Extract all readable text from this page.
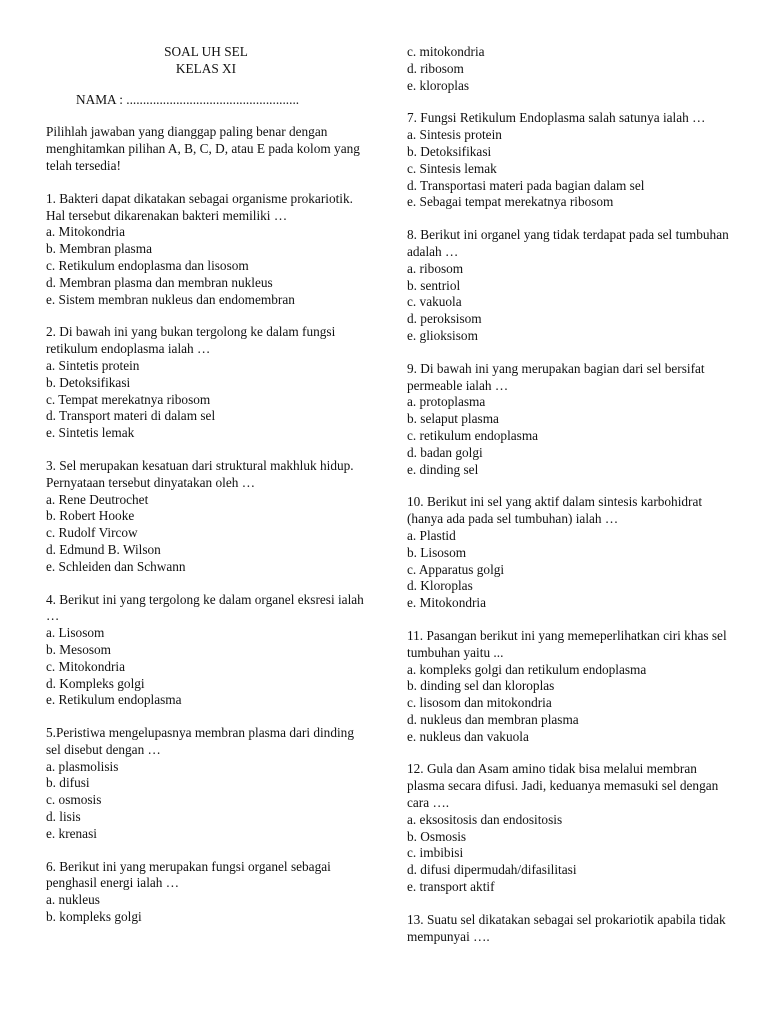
SOAL UH SEL
KELAS XI
NAMA : ....................................................

Pilihlah jawaban yang dianggap paling benar dengan menghitamkan pilihan A, B, C, D, atau E pada kolom yang telah tersedia!

1. Bakteri dapat dikatakan sebagai organisme prokariotik. Hal tersebut dikarenakan bakteri memiliki …

a. Mitokondria

b. Membran plasma

c. Retikulum endoplasma dan lisosom

d. Membran plasma dan membran nukleus

e. Sistem membran nukleus dan endomembran

2. Di bawah ini yang bukan tergolong ke dalam fungsi retikulum endoplasma ialah …

a. Sintetis protein

b. Detoksifikasi

c. Tempat merekatnya ribosom

d. Transport materi di dalam sel

e. Sintetis lemak

3. Sel merupakan kesatuan dari struktural makhluk hidup. Pernyataan tersebut dinyatakan oleh …

a. Rene Deutrochet

b. Robert Hooke

c. Rudolf Vircow

d. Edmund B. Wilson

e. Schleiden dan Schwann

4. Berikut ini yang tergolong ke dalam organel eksresi ialah …

a. Lisosom

b. Mesosom

c. Mitokondria

d. Kompleks golgi

e. Retikulum endoplasma

5.Peristiwa mengelupasnya membran plasma dari dinding sel disebut dengan …

a. plasmolisis

b. difusi

c. osmosis

d. lisis

e. krenasi

6. Berikut ini yang merupakan fungsi organel sebagai penghasil energi ialah …

a. nukleus

b. kompleks golgi

c. mitokondria

d. ribosom

e. kloroplas

7. Fungsi Retikulum Endoplasma salah satunya ialah …

a. Sintesis protein

b. Detoksifikasi

c. Sintesis lemak

d. Transportasi materi pada bagian dalam sel

e. Sebagai tempat merekatnya ribosom

8. Berikut ini organel yang tidak terdapat pada sel tumbuhan adalah …

a. ribosom

b. sentriol

c. vakuola

d. peroksisom

e. glioksisom

9. Di bawah ini yang merupakan bagian dari sel bersifat permeable ialah …

a. protoplasma

b. selaput plasma

c. retikulum endoplasma

d. badan golgi

e. dinding sel

10. Berikut ini sel yang aktif dalam sintesis karbohidrat (hanya ada pada sel tumbuhan) ialah …

a. Plastid

b. Lisosom

c. Apparatus golgi

d. Kloroplas

e. Mitokondria

11. Pasangan berikut ini yang memeperlihatkan ciri khas sel tumbuhan yaitu ...

a. kompleks golgi dan retikulum endoplasma

b. dinding sel dan kloroplas

c. lisosom dan mitokondria

d. nukleus dan membran plasma

e. nukleus dan vakuola

12. Gula dan Asam amino tidak bisa melalui membran plasma secara difusi. Jadi, keduanya memasuki sel dengan cara ….

a. eksositosis dan endositosis

b. Osmosis

c. imbibisi

d. difusi dipermudah/difasilitasi

e. transport aktif

13. Suatu sel dikatakan sebagai sel prokariotik apabila tidak mempunyai ….
